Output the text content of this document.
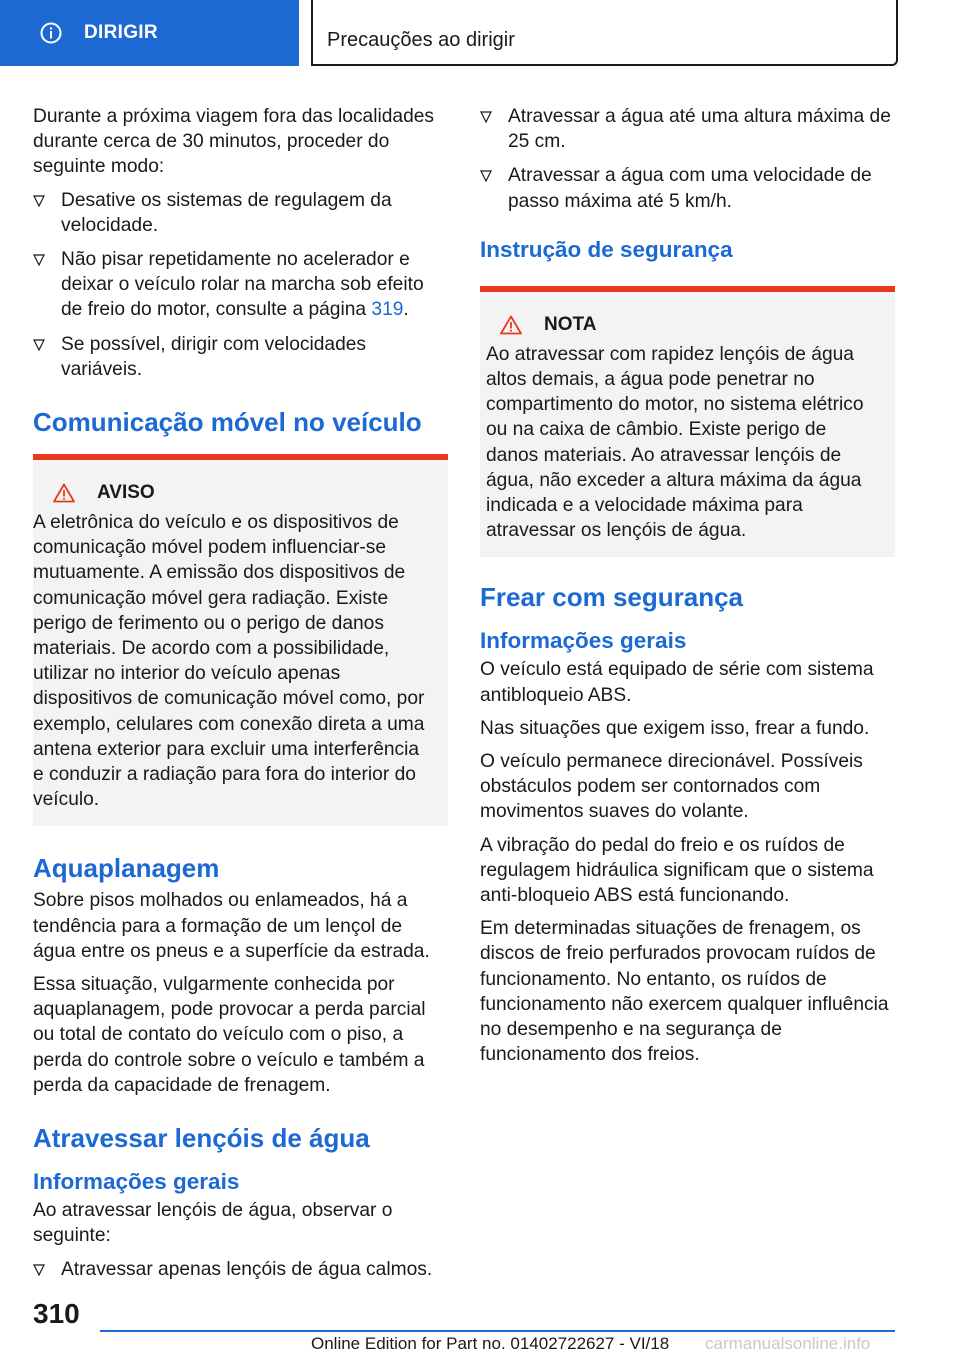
DIRIGIR	Precauções ao dirigir

Durante a próxima viagem fora das localidades durante cerca de 30 minutos, proceder do seguinte modo:

Desative os sistemas de regulagem da velocidade.
Não pisar repetidamente no acelerador e deixar o veículo rolar na marcha sob efeito de freio do motor, consulte a página 319.
Se possível, dirigir com velocidades variáveis.
Comunicação móvel no veículo
AVISO

A eletrônica do veículo e os dispositivos de comunicação móvel podem influenciar-se mutuamente. A emissão dos dispositivos de comunicação móvel gera radiação. Existe perigo de ferimento ou o perigo de danos materiais. De acordo com a possibilidade, utilizar no interior do veículo apenas dispositivos de comunicação móvel como, por exemplo, celulares com conexão direta a uma antena exterior para excluir uma interferência e conduzir a radiação para fora do interior do veículo.

Aquaplanagem

Sobre pisos molhados ou enlameados, há a tendência para a formação de um lençol de água entre os pneus e a superfície da estrada.

Essa situação, vulgarmente conhecida por aquaplanagem, pode provocar a perda parcial ou total de contato do veículo com o piso, a perda do controle sobre o veículo e também a perda da capacidade de frenagem.

Atravessar lençóis de água
Informações gerais

Ao atravessar lençóis de água, observar o seguinte:

Atravessar apenas lençóis de água calmos.
Atravessar a água até uma altura máxima de 25 cm.
Atravessar a água com uma velocidade de passo máxima até 5 km/h.
Instrução de segurança
NOTA

Ao atravessar com rapidez lençóis de água altos demais, a água pode penetrar no compartimento do motor, no sistema elétrico ou na caixa de câmbio. Existe perigo de danos materiais. Ao atravessar lençóis de água, não exceder a altura máxima da água indicada e a velocidade máxima para atravessar os lençóis de água.

Frear com segurança
Informações gerais

O veículo está equipado de série com sistema antibloqueio ABS.

Nas situações que exigem isso, frear a fundo.

O veículo permanece direcionável. Possíveis obstáculos podem ser contornados com movimentos suaves do volante.

A vibração do pedal do freio e os ruídos de regulagem hidráulica significam que o sistema anti-bloqueio ABS está funcionando.

Em determinadas situações de frenagem, os discos de freio perfurados provocam ruídos de funcionamento. No entanto, os ruídos de funcionamento não exercem qualquer influência no desempenho e na segurança de funcionamento dos freios.

310
Online Edition for Part no. 01402722627 - VI/18 carmanualsonline.info
